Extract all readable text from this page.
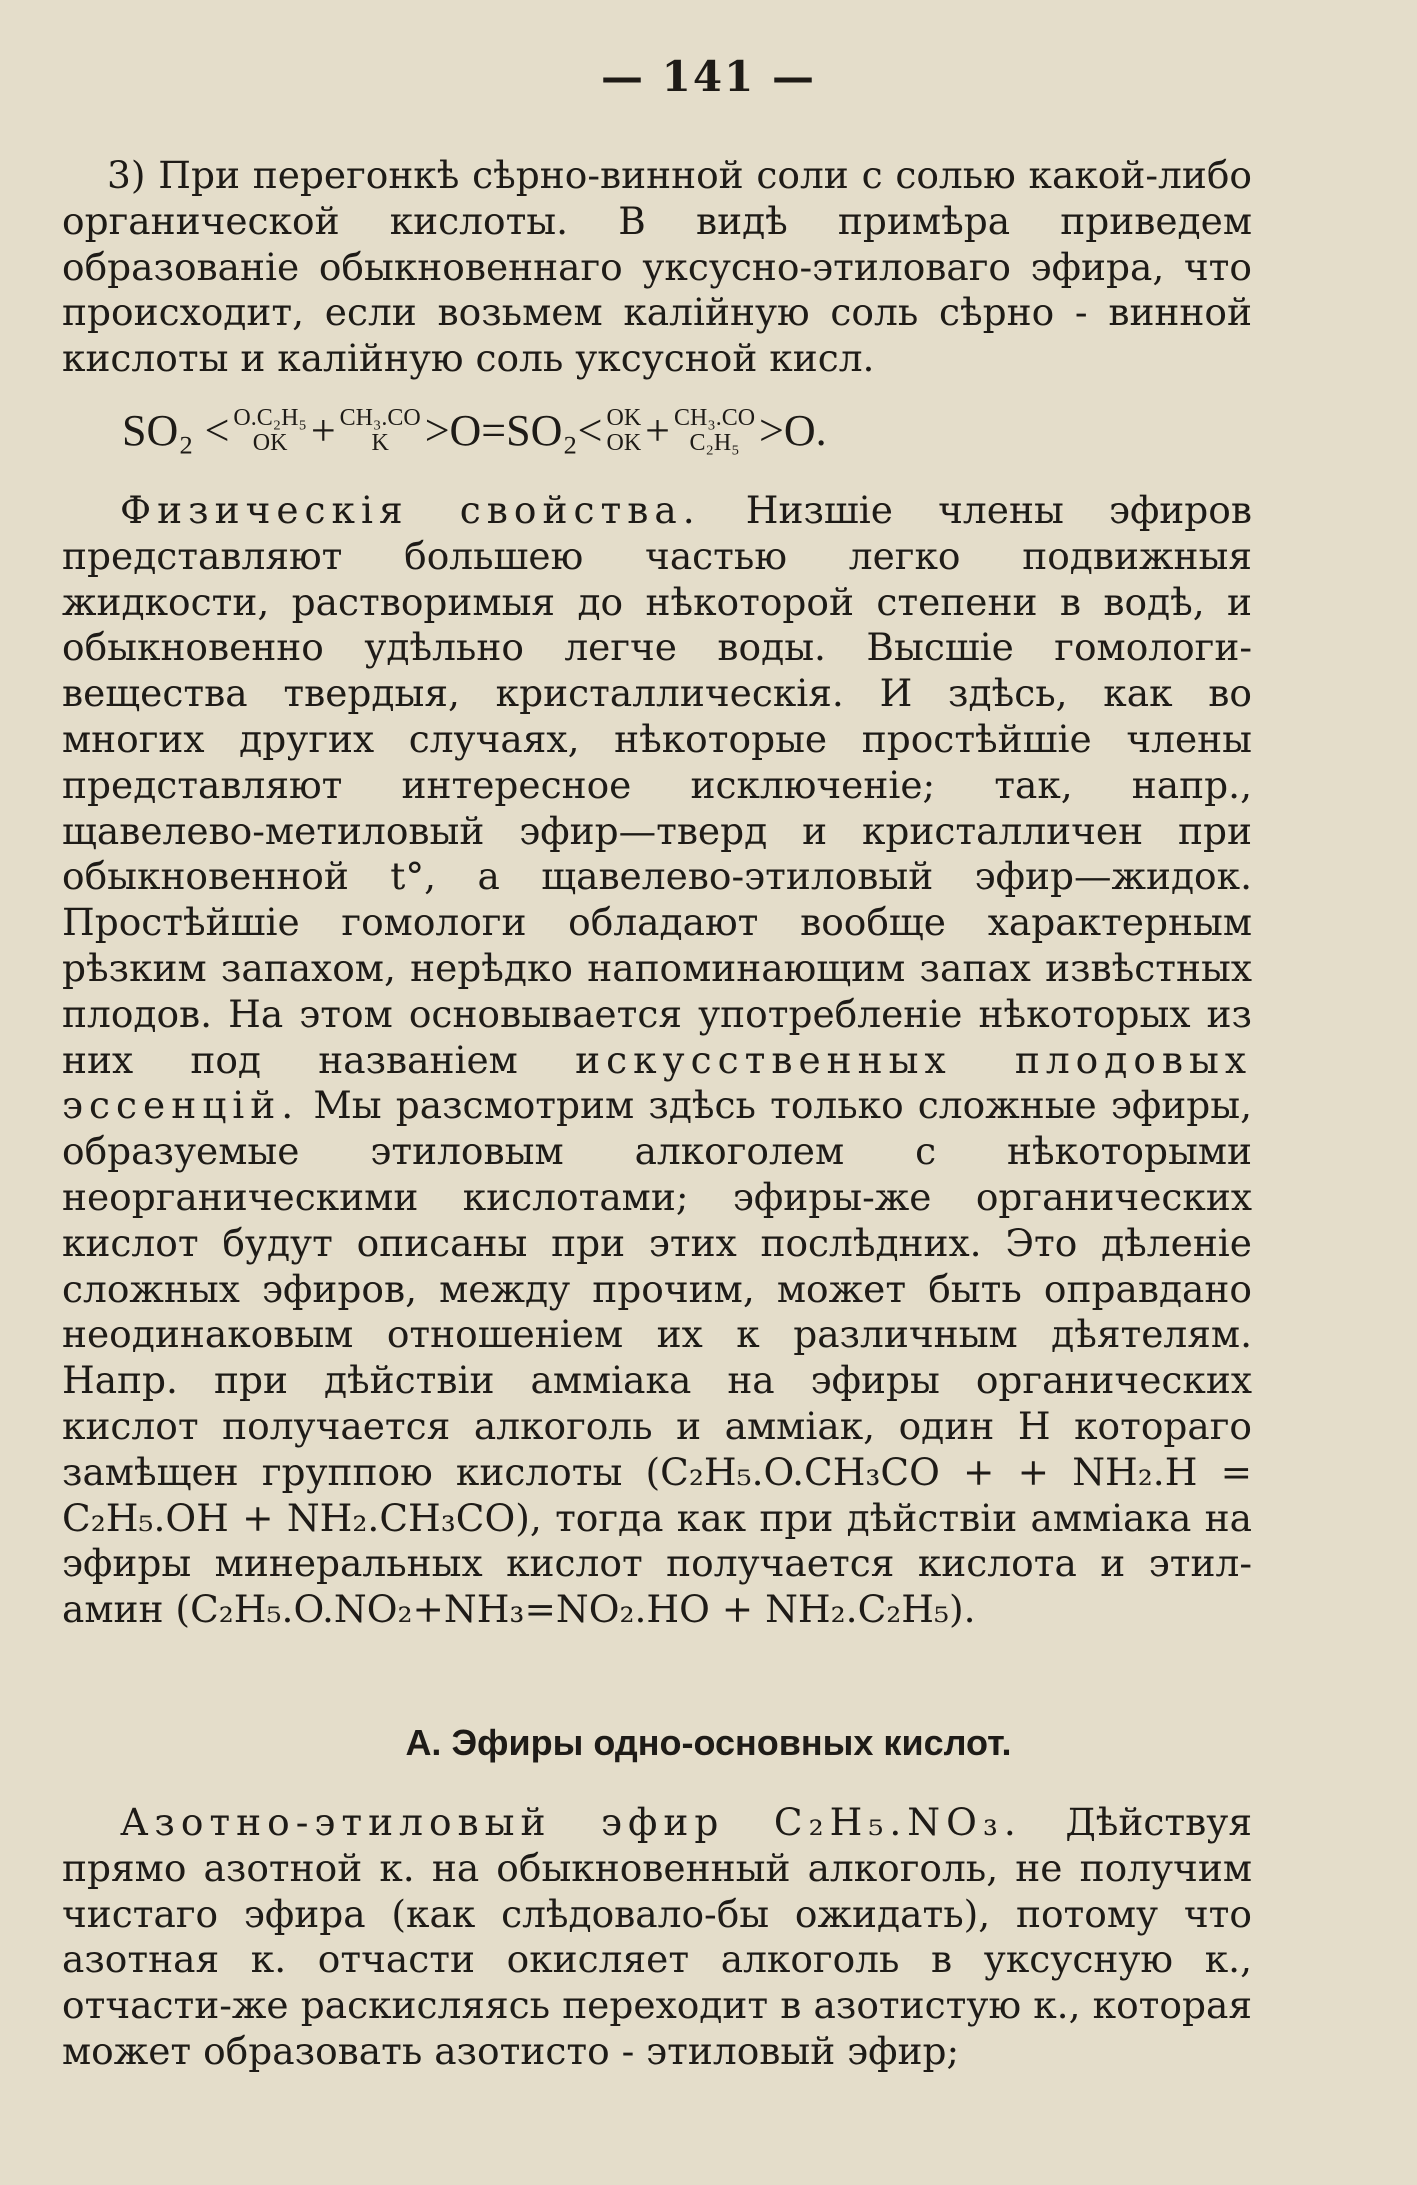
— 141 —

3) При перегонкѣ сѣрно-винной соли с солью какой-либо органической кислоты. В видѣ примѣра приведем образованіе обыкновеннаго уксусно-этиловаго эфира, что происходит, если возьмем калійную соль сѣрно - винной кислоты и калійную соль уксусной кисл.

SO₂ < O.C₂H₅
OK + CH₃.CO
K >O=SO₂< OK
OK + CH₃.CO
C₂H₅ >O.

Физическія свойства. Низшіе члены эфиров представляют большею частью легко подвижныя жидкости, растворимыя до нѣкоторой степени в водѣ, и обыкновенно удѣльно легче воды. Высшіе гомологи-вещества твердыя, кристаллическія. И здѣсь, как во многих других случаях, нѣкоторые простѣйшіе члены представляют интересное исключеніе; так, напр., щавелево-метиловый эфир—тверд и кристалличен при обыкновенной t°, а щавелево-этиловый эфир—жидок. Простѣйшіе гомологи обладают вообще характерным рѣзким запахом, нерѣдко напоминающим запах извѣстных плодов. На этом основывается употребленіе нѣкоторых из них под названіем искусственных плодовых эссенцій. Мы разсмотрим здѣсь только сложные эфиры, образуемые этиловым алкоголем с нѣкоторыми неорганическими кислотами; эфиры-же органических кислот будут описаны при этих послѣдних. Это дѣленіе сложных эфиров, между прочим, может быть оправдано неодинаковым отношеніем их к различным дѣятелям. Напр. при дѣйствіи амміака на эфиры органических кислот получается алкоголь и амміак, один H котораго замѣщен группою кислоты (C₂H₅.O.CH₃CO + + NH₂.H = C₂H₅.OH + NH₂.CH₃CO), тогда как при дѣйствіи амміака на эфиры минеральных кислот получается кислота и этил-амин (C₂H₅.O.NO₂+NH₃=NO₂.HO + NH₂.C₂H₅).

А. Эфиры одно-основных кислот.

Азотно-этиловый эфир C₂H₅.NO₃. Дѣйствуя прямо азотной к. на обыкновенный алкоголь, не получим чистаго эфира (как слѣдовало-бы ожидать), потому что азотная к. отчасти окисляет алкоголь в уксусную к., отчасти-же раскисляясь переходит в азотистую к., которая может образовать азотисто - этиловый эфир;
